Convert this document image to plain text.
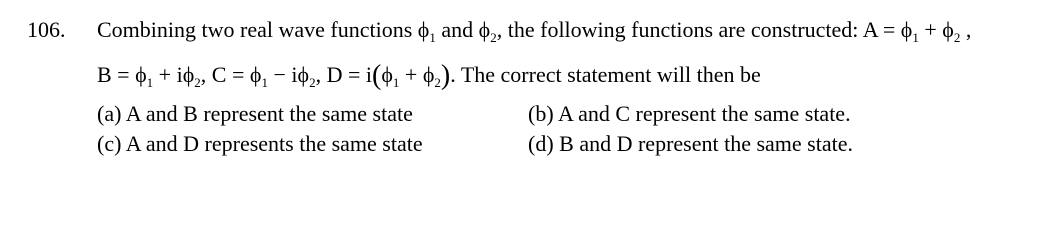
106. Combining two real wave functions $\phi_1$ and $\phi_2$, the following functions are constructed: $A = \phi_1 + \phi_2$ ,
$B = \phi_1 + i\phi_2$, $C = \phi_1 - i\phi_2$, $D = i(\phi_1 + \phi_2)$. The correct statement will then be
(a) A and B represent the same state	(b) A and C represent the same state.
(c) A and D represents the same state	(d) B and D represent the same state.
